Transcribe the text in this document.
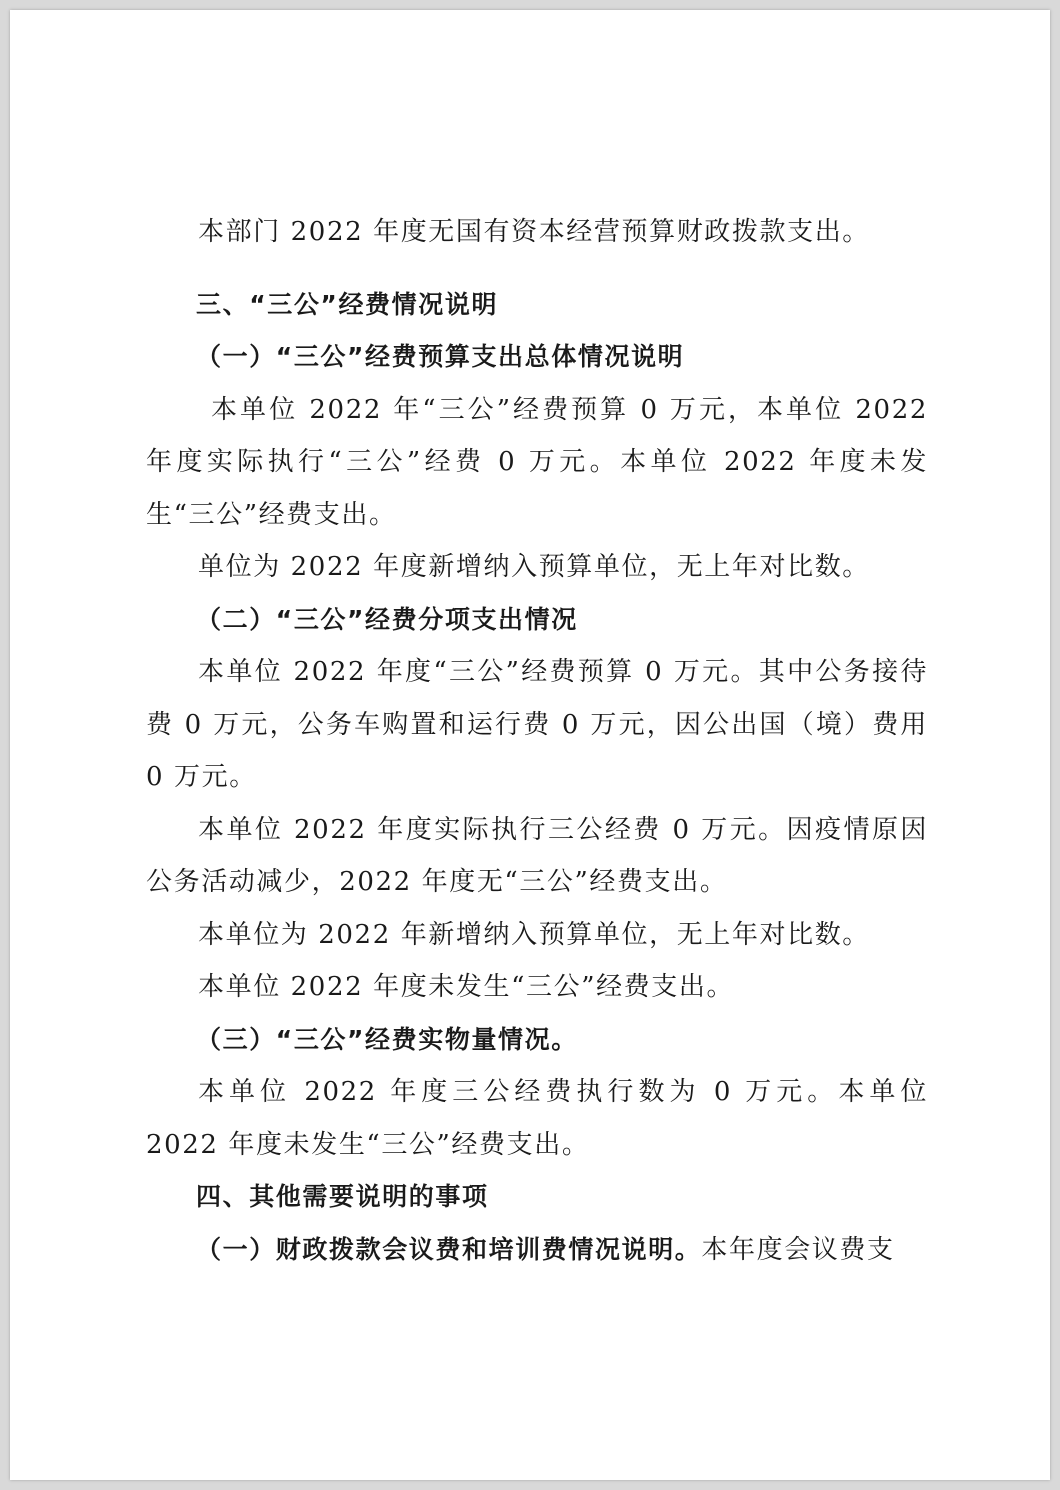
本部门 2022 年度无国有资本经营预算财政拨款支出。

三、“三公”经费情况说明

（一）“三公”经费预算支出总体情况说明

本单位 2022 年“三公”经费预算 0 万元，本单位 2022 年度实际执行“三公”经费 0 万元。本单位 2022 年度未发生“三公”经费支出。

单位为 2022 年度新增纳入预算单位，无上年对比数。

（二）“三公”经费分项支出情况

本单位 2022 年度“三公”经费预算 0 万元。其中公务接待费 0 万元，公务车购置和运行费 0 万元，因公出国（境）费用 0 万元。

本单位 2022 年度实际执行三公经费 0 万元。因疫情原因公务活动减少，2022 年度无“三公”经费支出。

本单位为 2022 年新增纳入预算单位，无上年对比数。

本单位 2022 年度未发生“三公”经费支出。

（三）“三公”经费实物量情况。

本单位 2022 年度三公经费执行数为 0 万元。本单位 2022 年度未发生“三公”经费支出。

四、其他需要说明的事项

（一）财政拨款会议费和培训费情况说明。本年度会议费支
